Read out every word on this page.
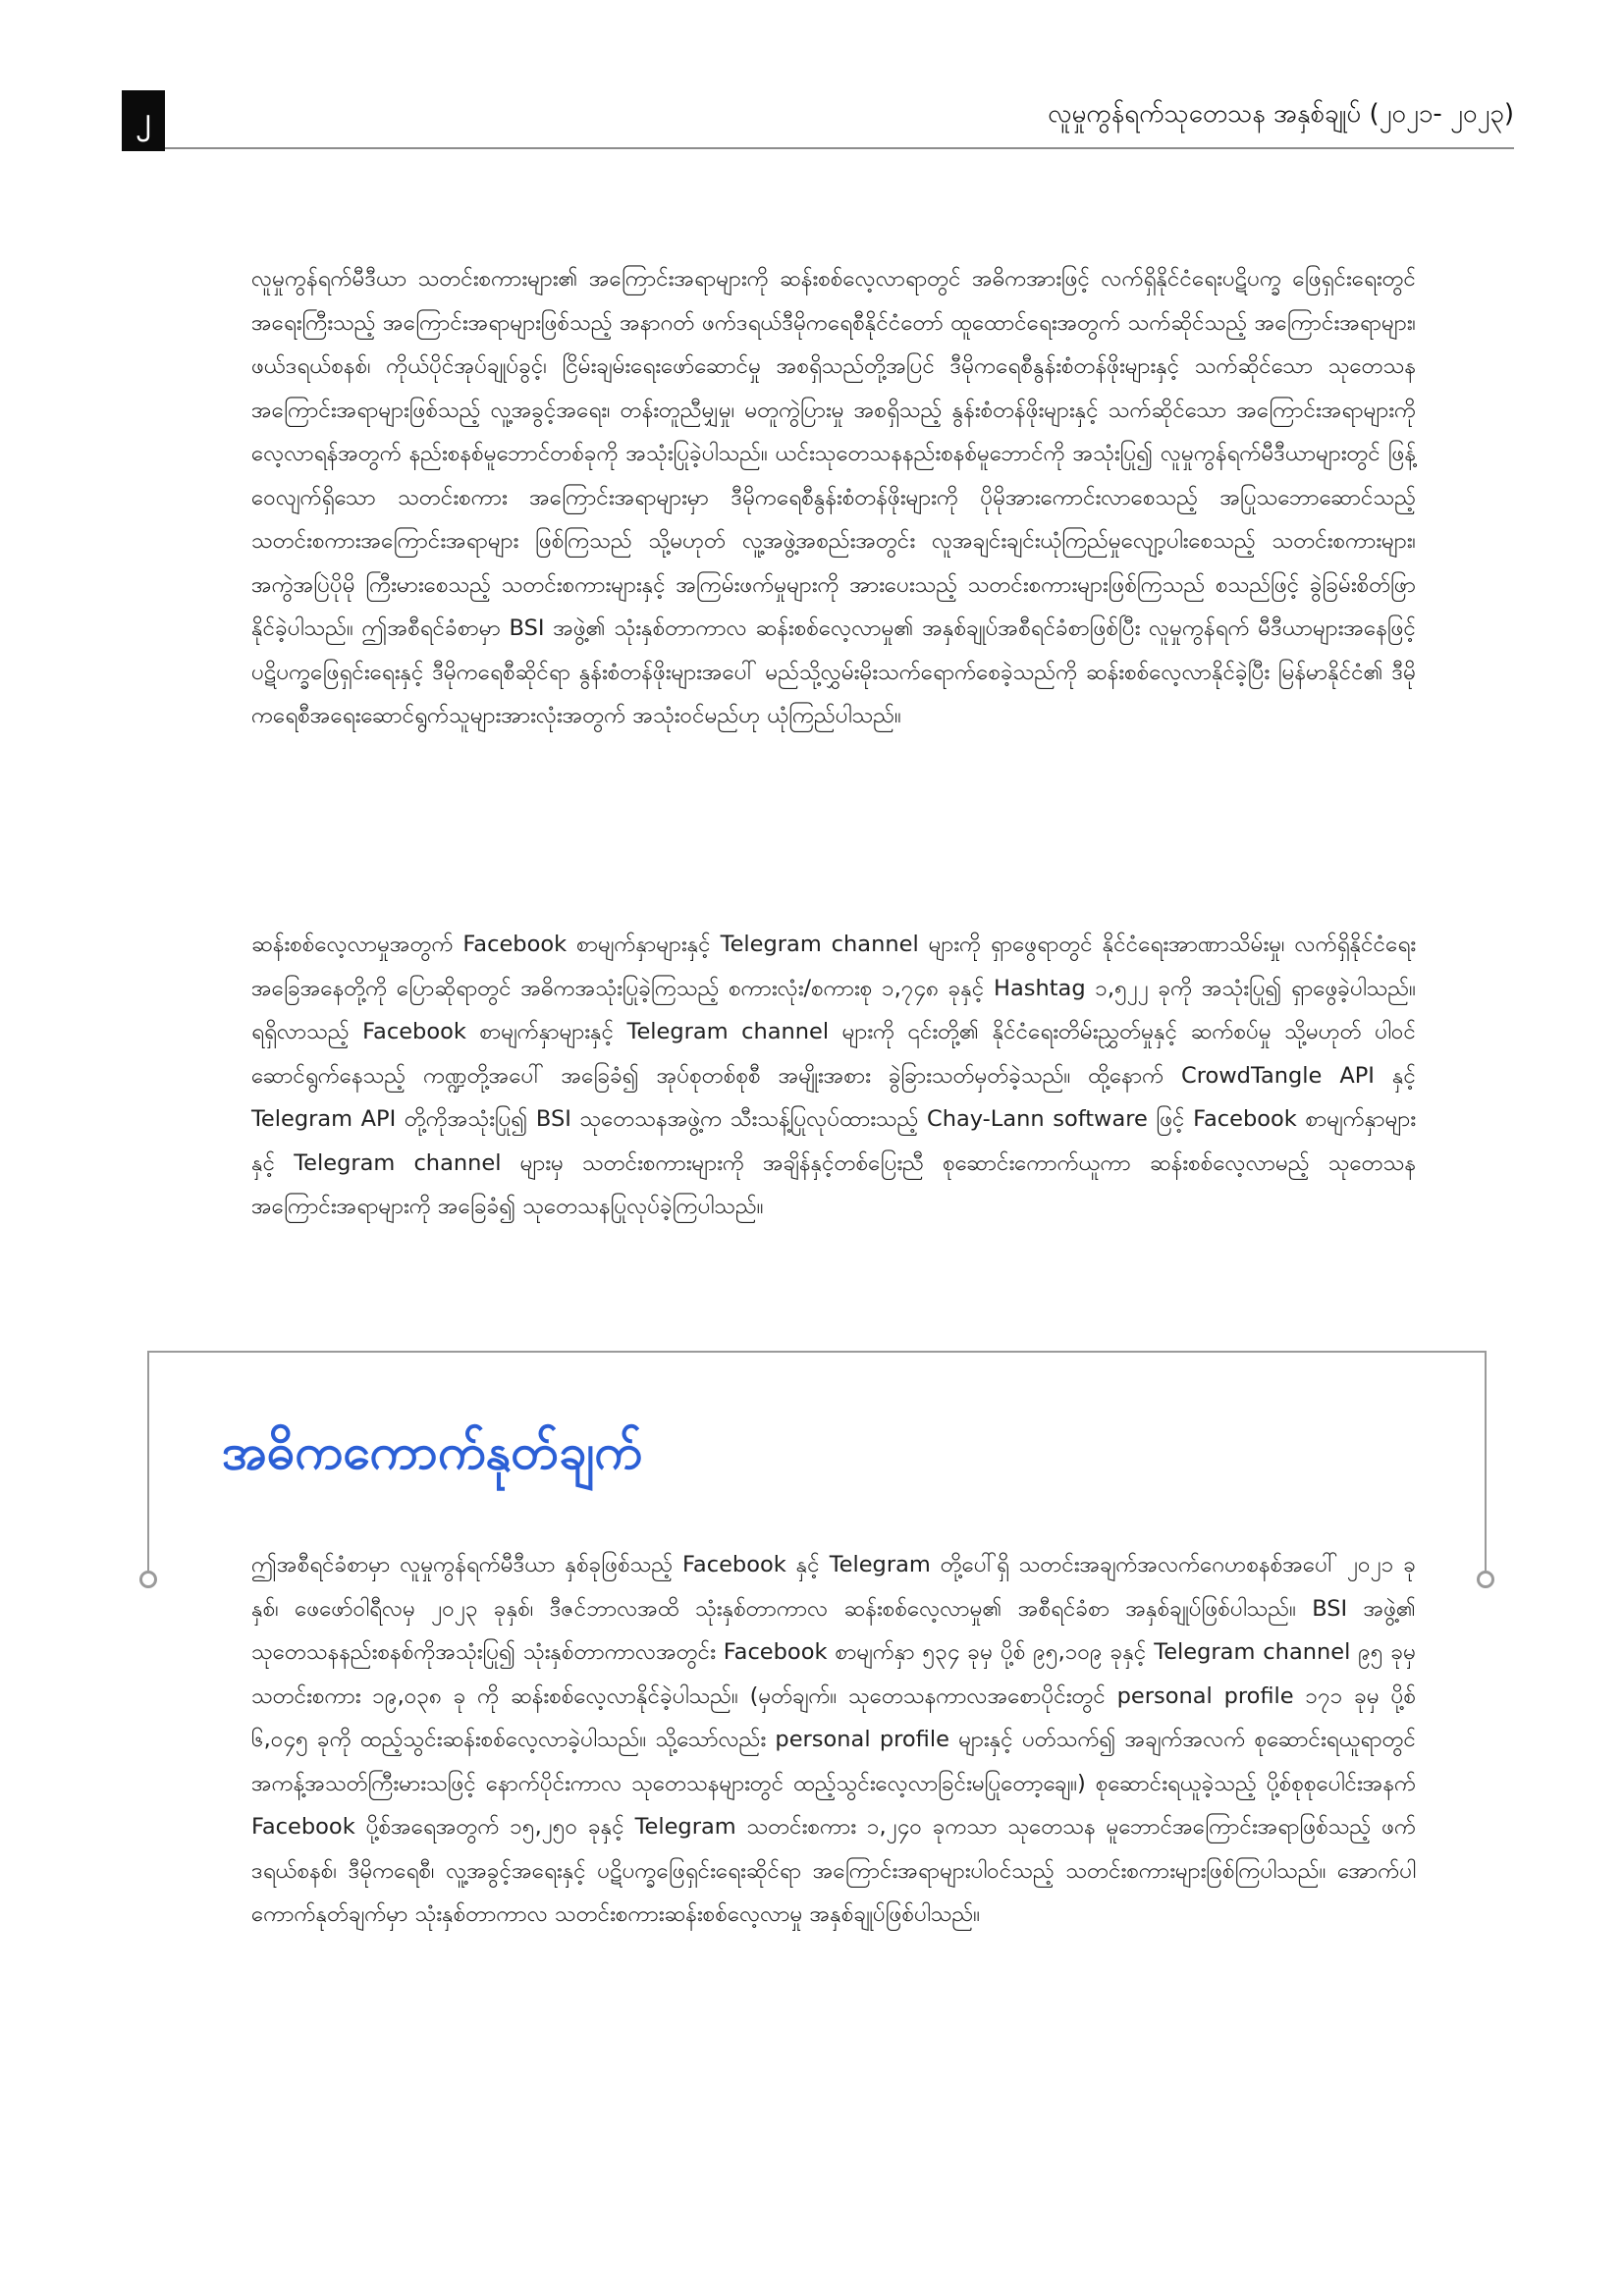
၂	လူမှုကွန်ရက်သုတေသန အနှစ်ချုပ် (၂၀၂၁- ၂၀၂၃)

လူမှုကွန်ရက်မီဒီယာ သတင်းစကားများ၏ အကြောင်းအရာများကို ဆန်းစစ်လေ့လာရာတွင် အဓိကအားဖြင့် လက်ရှိနိုင်ငံရေးပဋိပက္ခ ဖြေရှင်းရေးတွင် အရေးကြီးသည့် အကြောင်းအရာများဖြစ်သည့် အနာဂတ် ဖက်ဒရယ်ဒီမိုကရေစီနိုင်ငံတော် ထူထောင်ရေးအတွက် သက်ဆိုင်သည့် အကြောင်းအရာများ၊ ဖယ်ဒရယ်စနစ်၊ ကိုယ်ပိုင်အုပ်ချုပ်ခွင့်၊ ငြိမ်းချမ်းရေးဖော်ဆောင်မှု အစရှိသည်တို့အပြင် ဒီမိုကရေစီနွန်းစံတန်ဖိုးများနှင့် သက်ဆိုင်သော သုတေသနအကြောင်းအရာများဖြစ်သည့် လူ့အခွင့်အရေး၊ တန်းတူညီမျှမှု၊ မတူကွဲပြားမှု အစရှိသည့် နွန်းစံတန်ဖိုးများနှင့် သက်ဆိုင်သော အကြောင်းအရာများကို လေ့လာရန်အတွက် နည်းစနစ်မူဘောင်တစ်ခုကို အသုံးပြုခဲ့ပါသည်။ ယင်းသုတေသနနည်းစနစ်မူဘောင်ကို အသုံးပြု၍ လူမှုကွန်ရက်မီဒီယာများတွင် ဖြန့်ဝေလျက်ရှိသော သတင်းစကား အကြောင်းအရာများမှာ ဒီမိုကရေစီနွန်းစံတန်ဖိုးများကို ပိုမိုအားကောင်းလာစေသည့် အပြုသဘောဆောင်သည့် သတင်းစကားအကြောင်းအရာများ ဖြစ်ကြသည် သို့မဟုတ် လူ့အဖွဲ့အစည်းအတွင်း လူအချင်းချင်းယုံကြည်မှုလျော့ပါးစေသည့် သတင်းစကားများ၊ အကွဲအပြဲပိုမို ကြီးမားစေသည့် သတင်းစကားများနှင့် အကြမ်းဖက်မှုများကို အားပေးသည့် သတင်းစကားများဖြစ်ကြသည် စသည်ဖြင့် ခွဲခြမ်းစိတ်ဖြာ နိုင်ခဲ့ပါသည်။ ဤအစီရင်ခံစာမှာ BSI အဖွဲ့၏ သုံးနှစ်တာကာလ ဆန်းစစ်လေ့လာမှု၏ အနှစ်ချုပ်အစီရင်ခံစာဖြစ်ပြီး လူမှုကွန်ရက် မီဒီယာများအနေဖြင့် ပဋိပက္ခဖြေရှင်းရေးနှင့် ဒီမိုကရေစီဆိုင်ရာ နွန်းစံတန်ဖိုးများအပေါ် မည်သို့လွှမ်းမိုးသက်ရောက်စေခဲ့သည်ကို ဆန်းစစ်လေ့လာနိုင်ခဲ့ပြီး မြန်မာနိုင်ငံ၏ ဒီမိုကရေစီအရေးဆောင်ရွက်သူများအားလုံးအတွက် အသုံးဝင်မည်ဟု ယုံကြည်ပါသည်။

ဆန်းစစ်လေ့လာမှုအတွက် Facebook စာမျက်နှာများနှင့် Telegram channel များကို ရှာဖွေရာတွင် နိုင်ငံရေးအာဏာသိမ်းမှု၊ လက်ရှိနိုင်ငံရေးအခြေအနေတို့ကို ပြောဆိုရာတွင် အဓိကအသုံးပြုခဲ့ကြသည့် စကားလုံး/စကားစု ၁,၇၄၈ ခုနှင့် Hashtag ၁,၅၂၂ ခုကို အသုံးပြု၍ ရှာဖွေခဲ့ပါသည်။ ရရှိလာသည့် Facebook စာမျက်နှာများနှင့် Telegram channel များကို ၎င်းတို့၏ နိုင်ငံရေးတိမ်းညွှတ်မှုနှင့် ဆက်စပ်မှု သို့မဟုတ် ပါဝင်ဆောင်ရွက်နေသည့် ကဏ္ဍတို့အပေါ် အခြေခံ၍ အုပ်စုတစ်စုစီ အမျိုးအစား ခွဲခြားသတ်မှတ်ခဲ့သည်။ ထို့နောက် CrowdTangle API နှင့် Telegram API တို့ကိုအသုံးပြု၍ BSI သုတေသနအဖွဲ့က သီးသန့်ပြုလုပ်ထားသည့် Chay-Lann software ဖြင့် Facebook စာမျက်နှာများနှင့် Telegram channel များမှ သတင်းစကားများကို အချိန်နှင့်တစ်ပြေးညီ စုဆောင်းကောက်ယူကာ ဆန်းစစ်လေ့လာမည့် သုတေသနအကြောင်းအရာများကို အခြေခံ၍ သုတေသနပြုလုပ်ခဲ့ကြပါသည်။

အဓိကကောက်နုတ်ချက်

ဤအစီရင်ခံစာမှာ လူမှုကွန်ရက်မီဒီယာ နှစ်ခုဖြစ်သည့် Facebook နှင့် Telegram တို့ပေါ်ရှိ သတင်းအချက်အလက်ဂေဟစနစ်အပေါ် ၂၀၂၁ ခုနှစ်၊ ဖေဖော်ဝါရီလမှ ၂၀၂၃ ခုနှစ်၊ ဒီဇင်ဘာလအထိ သုံးနှစ်တာကာလ ဆန်းစစ်လေ့လာမှု၏ အစီရင်ခံစာ အနှစ်ချုပ်ဖြစ်ပါသည်။ BSI အဖွဲ့၏ သုတေသနနည်းစနစ်ကိုအသုံးပြု၍ သုံးနှစ်တာကာလအတွင်း Facebook စာမျက်နှာ ၅၃၄ ခုမှ ပို့စ် ၉၅,၁၀၉ ခုနှင့် Telegram channel ၉၅ ခုမှ သတင်းစကား ၁၉,၀၃၈ ခု ကို ဆန်းစစ်လေ့လာနိုင်ခဲ့ပါသည်။ (မှတ်ချက်။ သုတေသနကာလအစောပိုင်းတွင် personal profile ၁၇၁ ခုမှ ပို့စ် ၆,၀၄၅ ခုကို ထည့်သွင်းဆန်းစစ်လေ့လာခဲ့ပါသည်။ သို့သော်လည်း personal profile များနှင့် ပတ်သက်၍ အချက်အလက် စုဆောင်းရယူရာတွင် အကန့်အသတ်ကြီးမားသဖြင့် နောက်ပိုင်းကာလ သုတေသနများတွင် ထည့်သွင်းလေ့လာခြင်းမပြုတော့ချေ။) စုဆောင်းရယူခဲ့သည့် ပို့စ်စုစုပေါင်းအနက် Facebook ပို့စ်အရေအတွက် ၁၅,၂၅၀ ခုနှင့် Telegram သတင်းစကား ၁,၂၄၀ ခုကသာ သုတေသန မူဘောင်အကြောင်းအရာဖြစ်သည့် ဖက်ဒရယ်စနစ်၊ ဒီမိုကရေစီ၊ လူ့အခွင့်အရေးနှင့် ပဋိပက္ခဖြေရှင်းရေးဆိုင်ရာ အကြောင်းအရာများပါဝင်သည့် သတင်းစကားများဖြစ်ကြပါသည်။ အောက်ပါ ကောက်နုတ်ချက်မှာ သုံးနှစ်တာကာလ သတင်းစကားဆန်းစစ်လေ့လာမှု အနှစ်ချုပ်ဖြစ်ပါသည်။
